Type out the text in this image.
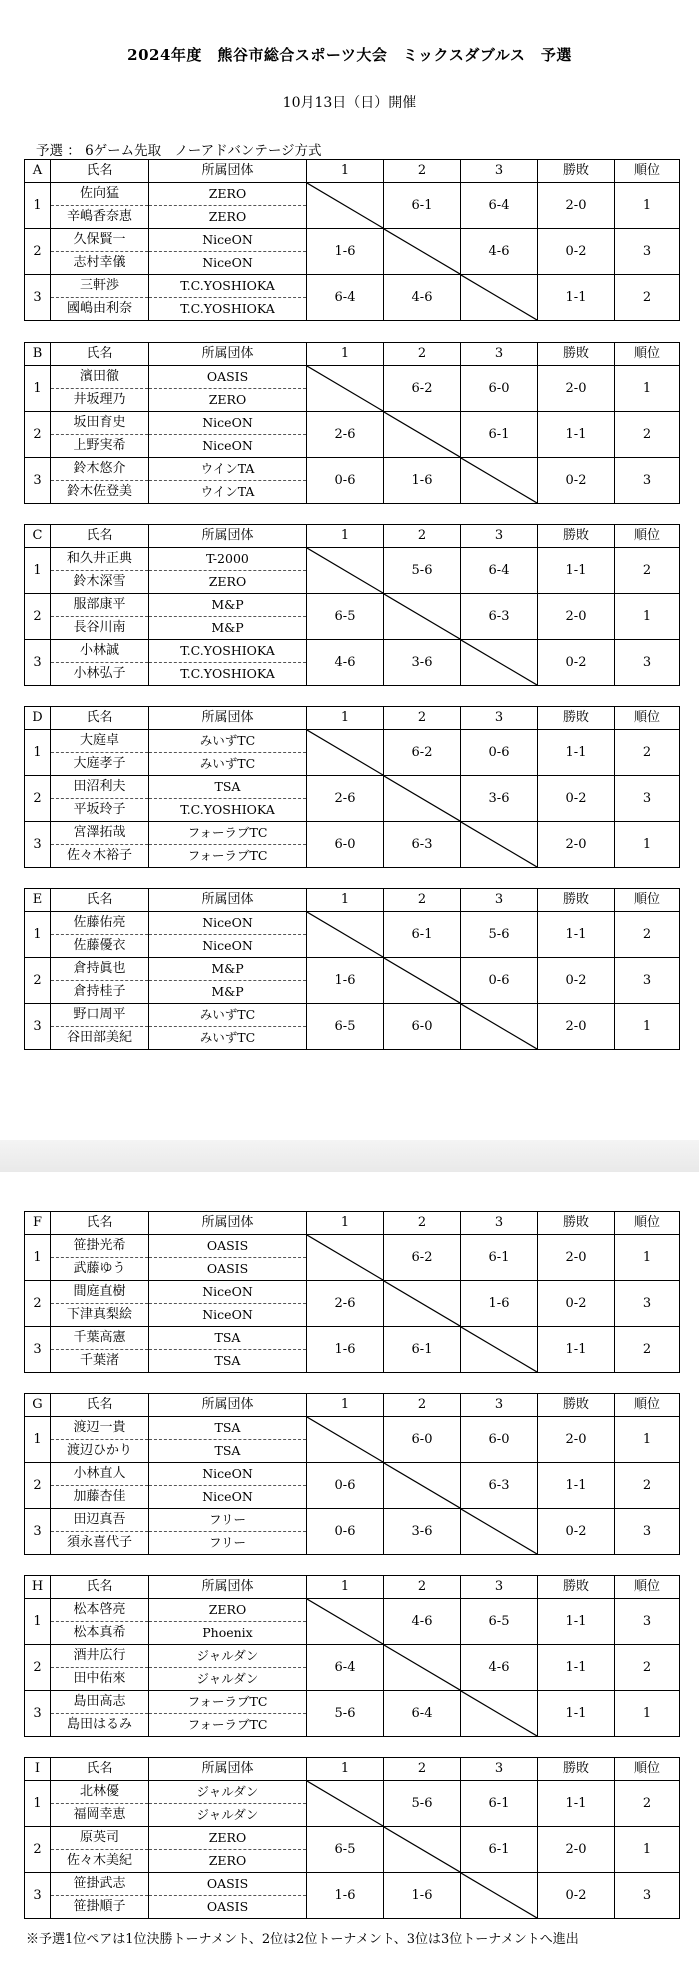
2024年度　熊谷市総合スポーツ大会　ミックスダブルス　予選
10月13日（日）開催
予選 ： 6ゲーム先取　ノーアドバンテージ方式
※予選1位ペアは1位決勝トーナメント、2位は2位トーナメント、3位は3位トーナメントへ進出
A	氏名	所属団体	1	2	3	勝敗	順位
1	佐向猛	ZERO		6-1	6-4	2-0	1
	辛嶋香奈恵	ZERO					
2	久保賢一	NiceON	1-6		4-6	0-2	3
	志村幸儀	NiceON					
3	三軒渉	T.C.YOSHIOKA	6-4	4-6		1-1	2
	國嶋由利奈	T.C.YOSHIOKA					
B	氏名	所属団体	1	2	3	勝敗	順位
1	濱田徹	OASIS		6-2	6-0	2-0	1
	井坂理乃	ZERO					
2	坂田育史	NiceON	2-6		6-1	1-1	2
	上野実希	NiceON					
3	鈴木悠介	ウインTA	0-6	1-6		0-2	3
	鈴木佐登美	ウインTA					
C	氏名	所属団体	1	2	3	勝敗	順位
1	和久井正典	T-2000		5-6	6-4	1-1	2
	鈴木深雪	ZERO					
2	服部康平	M&P	6-5		6-3	2-0	1
	長谷川南	M&P					
3	小林誠	T.C.YOSHIOKA	4-6	3-6		0-2	3
	小林弘子	T.C.YOSHIOKA					
D	氏名	所属団体	1	2	3	勝敗	順位
1	大庭卓	みいずTC		6-2	0-6	1-1	2
	大庭孝子	みいずTC					
2	田沼利夫	TSA	2-6		3-6	0-2	3
	平坂玲子	T.C.YOSHIOKA					
3	宮澤拓哉	フォーラブTC	6-0	6-3		2-0	1
	佐々木裕子	フォーラブTC					
E	氏名	所属団体	1	2	3	勝敗	順位
1	佐藤佑亮	NiceON		6-1	5-6	1-1	2
	佐藤優衣	NiceON					
2	倉持眞也	M&P	1-6		0-6	0-2	3
	倉持桂子	M&P					
3	野口周平	みいずTC	6-5	6-0		2-0	1
	谷田部美紀	みいずTC					
F	氏名	所属団体	1	2	3	勝敗	順位
1	笹掛光希	OASIS		6-2	6-1	2-0	1
	武藤ゆう	OASIS					
2	間庭直樹	NiceON	2-6		1-6	0-2	3
	下津真梨絵	NiceON					
3	千葉高憲	TSA	1-6	6-1		1-1	2
	千葉渚	TSA					
G	氏名	所属団体	1	2	3	勝敗	順位
1	渡辺一貴	TSA		6-0	6-0	2-0	1
	渡辺ひかり	TSA					
2	小林直人	NiceON	0-6		6-3	1-1	2
	加藤杏佳	NiceON					
3	田辺真吾	フリー	0-6	3-6		0-2	3
	須永喜代子	フリー					
H	氏名	所属団体	1	2	3	勝敗	順位
1	松本啓亮	ZERO		4-6	6-5	1-1	3
	松本真希	Phoenix					
2	酒井広行	ジャルダン	6-4		4-6	1-1	2
	田中佑來	ジャルダン					
3	島田高志	フォーラブTC	5-6	6-4		1-1	1
	島田はるみ	フォーラブTC					
I	氏名	所属団体	1	2	3	勝敗	順位
1	北林優	ジャルダン		5-6	6-1	1-1	2
	福岡幸恵	ジャルダン					
2	原英司	ZERO	6-5		6-1	2-0	1
	佐々木美紀	ZERO					
3	笹掛武志	OASIS	1-6	1-6		0-2	3
	笹掛順子	OASIS					
